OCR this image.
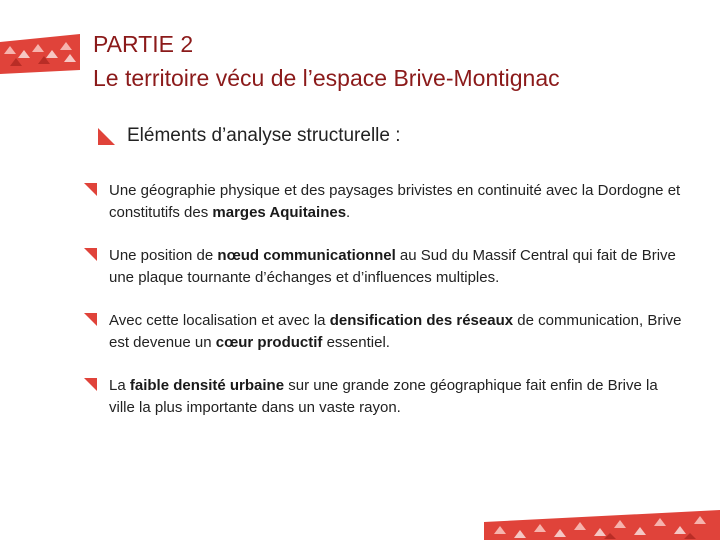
PARTIE 2
Le territoire vécu de l’espace Brive-Montignac
Eléments d’analyse structurelle :
Une géographie physique et des paysages brivistes en continuité avec la Dordogne et constitutifs des marges Aquitaines.
Une position de nœud communicationnel au Sud du Massif Central qui fait de Brive une plaque tournante d’échanges et d’influences multiples.
Avec cette localisation et avec la densification des réseaux de communication, Brive est devenue un cœur productif essentiel.
La faible densité urbaine sur une grande zone géographique fait enfin de Brive la ville la plus importante dans un vaste rayon.
